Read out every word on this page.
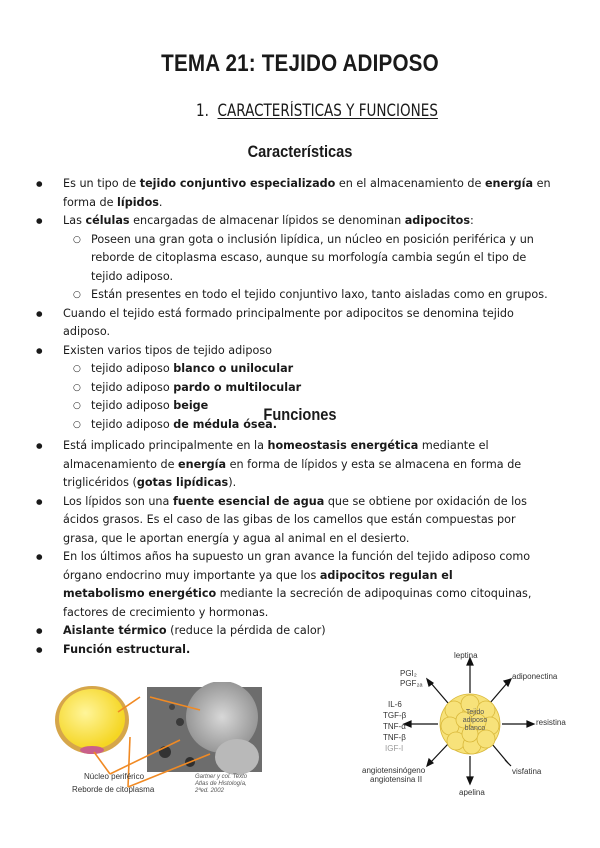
TEMA 21: TEJIDO ADIPOSO
1. CARACTERÍSTICAS Y FUNCIONES
Características
● Es un tipo de tejido conjuntivo especializado en el almacenamiento de energía en forma de lípidos.
● Las células encargadas de almacenar lípidos se denominan adipocitos:
○ Poseen una gran gota o inclusión lipídica, un núcleo en posición periférica y un reborde de citoplasma escaso, aunque su morfología cambia según el tipo de tejido adiposo.
○ Están presentes en todo el tejido conjuntivo laxo, tanto aisladas como en grupos.
● Cuando el tejido está formado principalmente por adipocitos se denomina tejido adiposo.
● Existen varios tipos de tejido adiposo
○ tejido adiposo blanco o unilocular
○ tejido adiposo pardo o multilocular
○ tejido adiposo beige
○ tejido adiposo de médula ósea.
Funciones
● Está implicado principalmente en la homeostasis energética mediante el almacenamiento de energía en forma de lípidos y esta se almacena en forma de triglicéridos (gotas lipídicas).
● Los lípidos son una fuente esencial de agua que se obtiene por oxidación de los ácidos grasos. Es el caso de las gibas de los camellos que están compuestas por grasa, que le aportan energía y agua al animal en el desierto.
● En los últimos años ha supuesto un gran avance la función del tejido adiposo como órgano endocrino muy importante ya que los adipocitos regulan el metabolismo energético mediante la secreción de adipoquinas como citoquinas, factores de crecimiento y hormonas.
● Aislante térmico (reduce la pérdida de calor)
● Función estructural.
Núcleo periférico
Reborde de citoplasma
Gartner y col. Texto
Atlas de Histología,
2ªed. 2002
leptina
adiponectina
resistina
visfatina
apelina
angiotensinógeno
angiotensina II
PGI₂
PGF₂ₐ
IL-6
TGF-β
TNF-α
TNF-β
IGF-I
Tejido adiposo blanco
